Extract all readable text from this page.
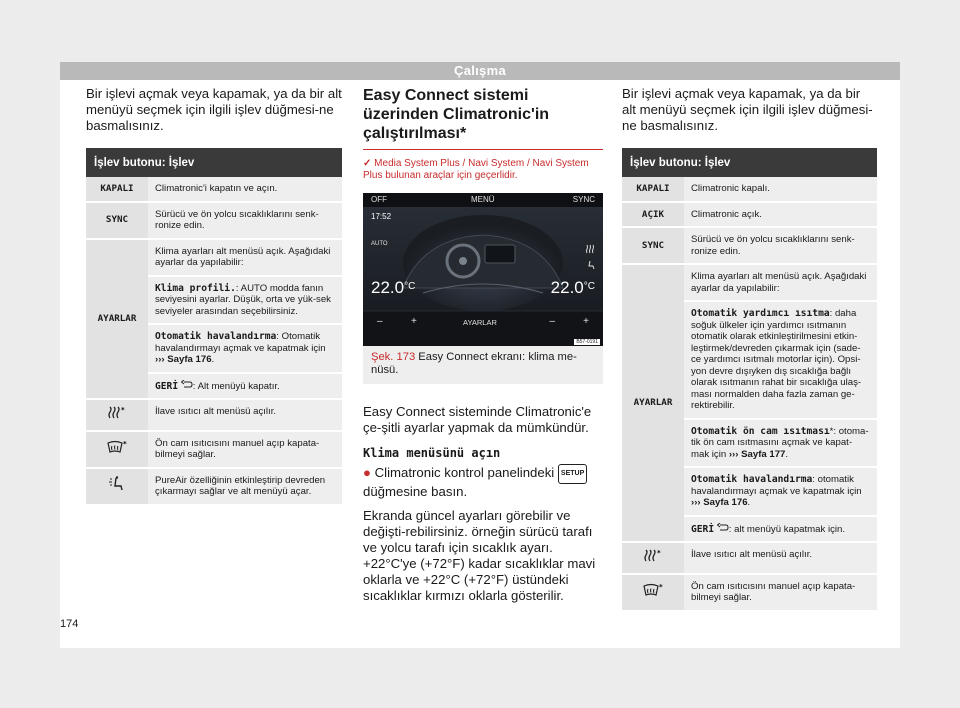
Çalışma

Bir işlevi açmak veya kapamak, ya da bir alt menüyü seçmek için ilgili işlev düğmesi-ne basmalısınız.

İşlev butonu: İşlev	
KAPALI	Climatronic'i kapatın ve açın.
SYNC	Sürücü ve ön yolcu sıcaklıklarını senk-ronize edin.
AYARLAR	Klima ayarları alt menüsü açık. Aşağıdaki ayarlar da yapılabilir:
	Klima profili.: AUTO modda fanın seviyesini ayarlar. Düşük, orta ve yük-sek seviyeler arasından seçebilirsiniz.
	Otomatik havalandırma: Otomatik havalandırmayı açmak ve kapatmak için
››› Sayfa 176.
	GERİ : Alt menüyü kapatır.

*	İlave ısıtıcı alt menüsü açılır.

*	Ön cam ısıtıcısını manuel açıp kapata-bilmeyi sağlar.
	PureAir özelliğinin etkinleştirip devreden çıkarmayı sağlar ve alt menüyü açar.
Easy Connect sistemi üzerinden Climatronic'in çalıştırılması*

✓ Media System Plus / Navi System / Navi System Plus bulunan araçlar için geçerlidir.

OFF	MENÜ	SYNC
17:52
AUTO
$22.0^{^\circ C}$	$22.0^{^\circ C}$
–	+	AYARLAR	–	+
B57-0191
Şek. 173 Easy Connect ekranı: klima me-nüsü.

Easy Connect sisteminde Climatronic'e çe-şitli ayarlar yapmak da mümkündür.

Klima menüsünü açın

● Climatronic kontrol panelindeki SETUP
düğmesine basın.

Ekranda güncel ayarları görebilir ve değişti-rebilirsiniz. örneğin sürücü tarafı ve yolcu tarafı için sıcaklık ayarı. +22°C'ye (+72°F) kadar sıcaklıklar mavi oklarla ve +22°C (+72°F) üstündeki sıcaklıklar kırmızı oklarla gösterilir.

Bir işlevi açmak veya kapamak, ya da bir alt menüyü seçmek için ilgili işlev düğmesi-ne basmalısınız.

İşlev butonu: İşlev	
KAPALI	Climatronic kapalı.
AÇIK	Climatronic açık.
SYNC	Sürücü ve ön yolcu sıcaklıklarını senk-ronize edin.
AYARLAR	Klima ayarları alt menüsü açık. Aşağıdaki ayarlar da yapılabilir:
	Otomatik yardımcı ısıtma: daha soğuk ülkeler için yardımcı ısıtmanın otomatik olarak etkinleştirilmesini etkin-leştirmek/devreden çıkarmak için (sade-ce yardımcı ısıtmalı motorlar için). Opsi-yon devre dışıyken dış sıcaklığa bağlı olarak ısıtmanın rahat bir sıcaklığa ulaş-ması normalden daha fazla zaman ge-rektirebilir.
	Otomatik ön cam ısıtması*: otoma-tik ön cam ısıtmasını açmak ve kapat-mak için ››› Sayfa 177.
	Otomatik havalandırma: otomatik havalandırmayı açmak ve kapatmak için
››› Sayfa 176.
	GERİ : alt menüyü kapatmak için.

*	İlave ısıtıcı alt menüsü açılır.

*	Ön cam ısıtıcısını manuel açıp kapata-bilmeyi sağlar.
174
